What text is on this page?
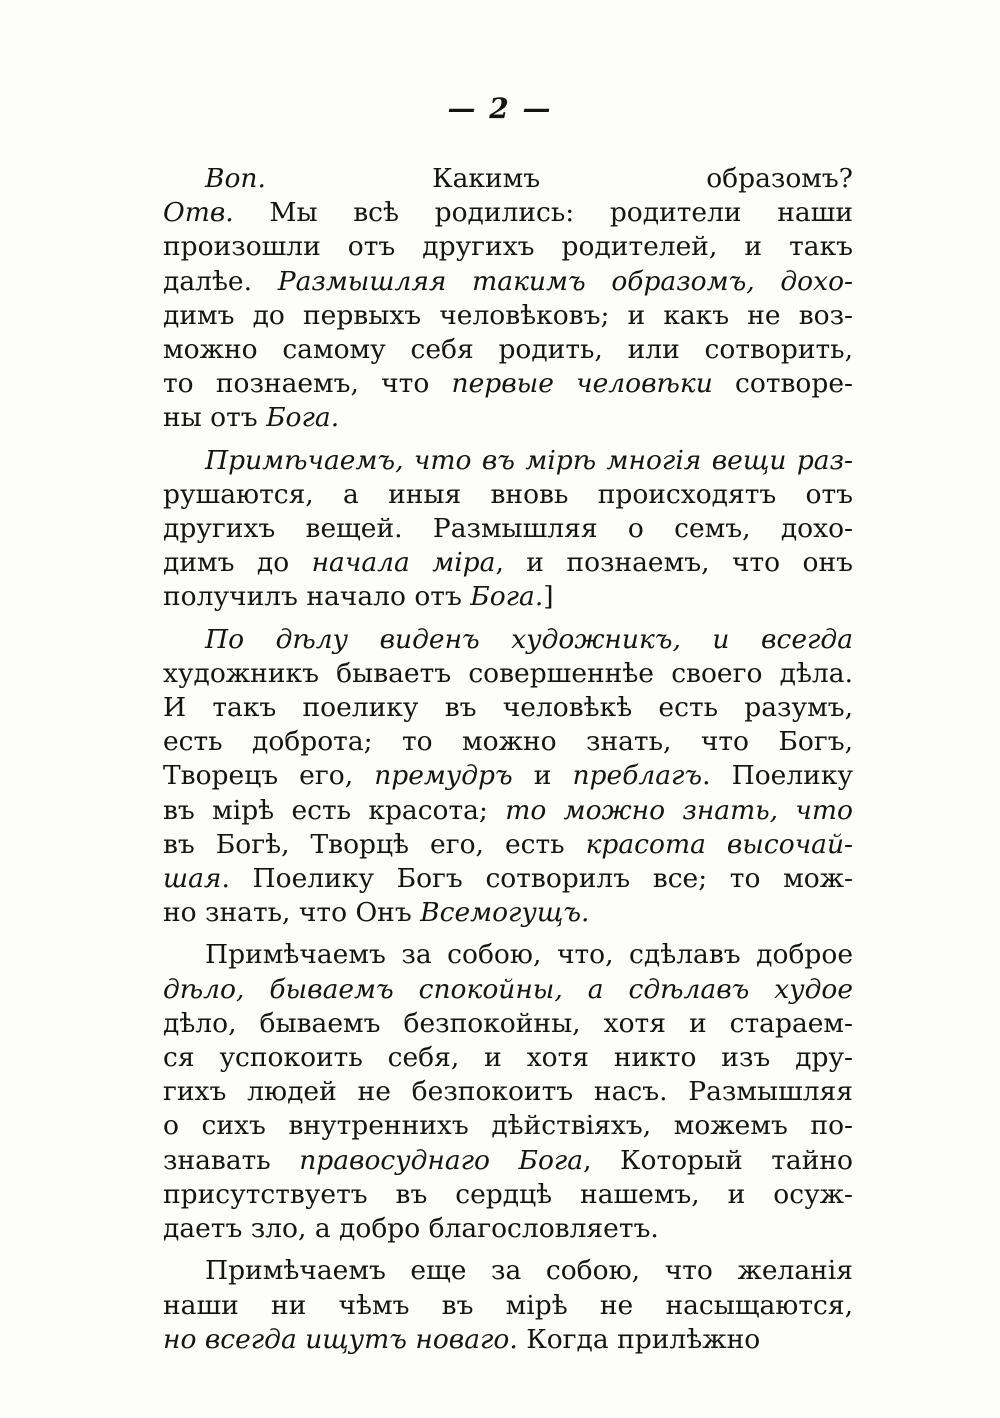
— 2 —
Воп. Какимъ образомъ?
Отв. Мы всѣ родились: родители наши
произошли отъ другихъ родителей, и такъ
далѣе. Размышляя такимъ образомъ, дохо-
димъ до первыхъ человѣковъ; и какъ не воз-
можно самому себя родить, или сотворить,
то познаемъ, что первые человѣки сотворе-
ны отъ Бога.
Примѣчаемъ, что въ мірѣ многія вещи раз-
рушаются, а иныя вновь происходятъ отъ
другихъ вещей. Размышляя о семъ, дохо-
димъ до начала міра, и познаемъ, что онъ
получилъ начало отъ Бога.]
По дѣлу виденъ художникъ, и всегда
художникъ бываетъ совершеннѣе своего дѣла.
И такъ поелику въ человѣкѣ есть разумъ,
есть доброта; то можно знать, что Богъ,
Творецъ его, премудръ и преблагъ. Поелику
въ мірѣ есть красота; то можно знать, что
въ Богѣ, Творцѣ его, есть красота высочай-
шая. Поелику Богъ сотворилъ все; то мож-
но знать, что Онъ Всемогущъ.
Примѣчаемъ за собою, что, сдѣлавъ доброе
дѣло, бываемъ спокойны, а сдѣлавъ худое
дѣло, бываемъ безпокойны, хотя и стараем-
ся успокоить себя, и хотя никто изъ дру-
гихъ людей не безпокоитъ насъ. Размышляя
о сихъ внутреннихъ дѣйствіяхъ, можемъ по-
знавать правосуднаго Бога, Который тайно
присутствуетъ въ сердцѣ нашемъ, и осуж-
даетъ зло, а добро благословляетъ.
Примѣчаемъ еще за собою, что желанія
наши ни чѣмъ въ мірѣ не насыщаются,
но всегда ищутъ новаго. Когда прилѣжно
